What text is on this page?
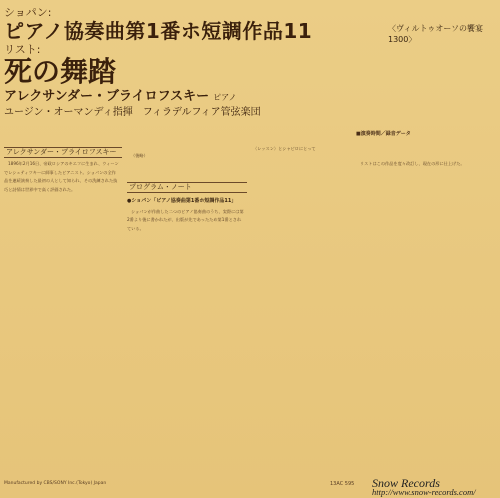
ショパン:
ピアノ協奏曲第1番ホ短調作品11
リスト:
死の舞踏
アレクサンダー・ブライロフスキー ピアノ
ユージン・オーマンディ指揮　 フィラデルフィア管弦楽団
〈ヴィルトゥオーソの饗宴1300〉
アレクサンダー・ブライロフスキー
プログラム・ノート

1896年2月16日、帝政ロシアのキエフに生まれ、ウィーンでレシェティツキーに師事したピアニスト。ショパンの全作品を連続演奏した最初の人として知られ、その洗練された技巧と詩情は世界中で高く評価された。

（後略）

●ショパン「ピアノ協奏曲第1番ホ短調作品11」

ショパンが作曲した二つのピアノ協奏曲のうち、実際には第2番より後に書かれたが、出版が先であったため第1番とされている。

〈レッスン〉とシャピロにとって

リストはこの作品を度々改訂し、現在の形に仕上げた。

■演奏時間／録音データ
Manufactured by CBS/SONY Inc.(Tokyo) Japan	13AC 595 Snow Records
http://www.snow-records.com/
